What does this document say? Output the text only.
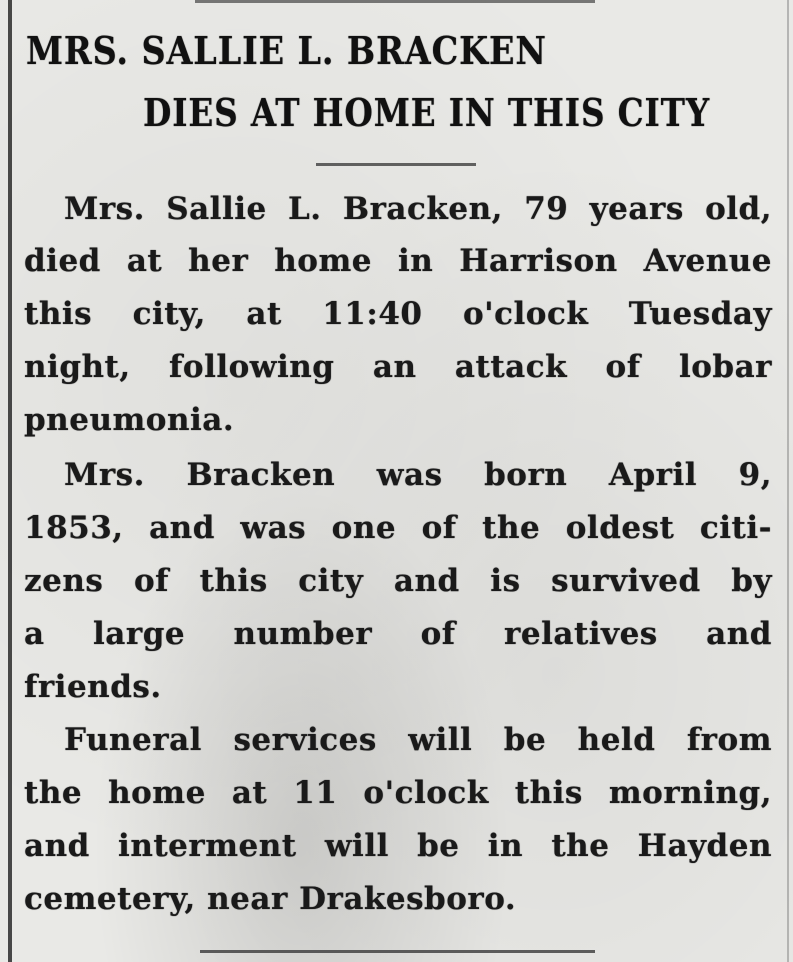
MRS. SALLIE L. BRACKEN
DIES AT HOME IN THIS CITY

Mrs. Sallie L. Bracken, 79 years old,

died at her home in Harrison Avenue

this city, at 11:40 o'clock Tuesday

night, following an attack of lobar

pneumonia.

Mrs. Bracken was born April 9,

1853, and was one of the oldest citi-

zens of this city and is survived by

a large number of relatives and

friends.

Funeral services will be held from

the home at 11 o'clock this morning,

and interment will be in the Hayden

cemetery, near Drakesboro.
